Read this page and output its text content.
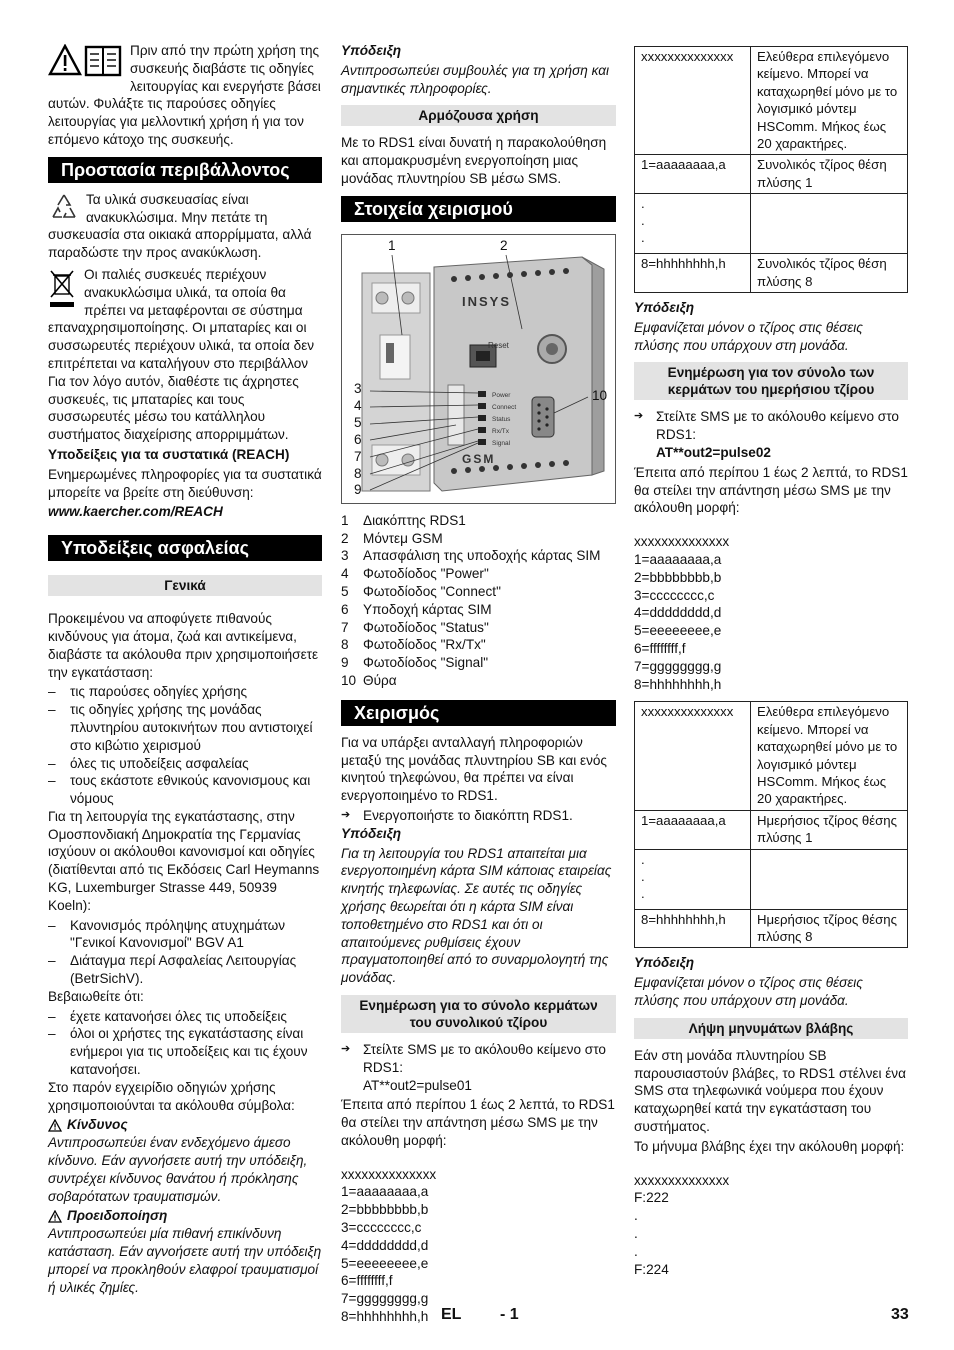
Πριν από την πρώτη χρήση της συσκευής διαβάστε τις οδηγίες λειτουργίας και ενεργήστε βάσει αυτών. Φυλάξτε τις παρούσες οδηγίες λειτουργίας για μελλοντική χρήση ή για τον επόμενο κάτοχο της συσκευής.

Προστασία περιβάλλοντος

Τα υλικά συσκευασίας είναι ανακυκλώσιμα. Μην πετάτε τη συσκευασία στα οικιακά απορρίμματα, αλλά παραδώστε την προς ανακύκλωση.

Οι παλιές συσκευές περιέχουν ανακυκλώσιμα υλικά, τα οποία θα πρέπει να μεταφέρονται σε σύστημα επαναχρησιμοποίησης. Οι μπαταρίες και οι συσσωρευτές περιέχουν υλικά, τα οποία δεν επιτρέπεται να καταλήγουν στο περιβάλλον Για τον λόγο αυτόν, διαθέστε τις άχρηστες συσκευές, τις μπαταρίες και τους συσσωρευτές μέσω του κατάλληλου συστήματος διαχείρισης απορριμμάτων.

Υποδείξεις για τα συστατικά (REACH)

Ενημερωμένες πληροφορίες για τα συστατικά μπορείτε να βρείτε στη διεύθυνση:

www.kaercher.com/REACH

Υποδείξεις ασφαλείας
Γενικά

Προκειμένου να αποφύγετε πιθανούς κινδύνους για άτομα, ζωά και αντικείμενα, διαβάστε τα ακόλουθα πριν χρησιμοποιήσετε την εγκατάσταση:

– τις παρούσες οδηγίες χρήσης
– τις οδηγίες χρήσης της μονάδας πλυντηρίου αυτοκινήτων που αντιστοιχεί στο κιβώτιο χειρισμού
– όλες τις υποδείξεις ασφαλείας
– τους εκάστοτε εθνικούς κανονισμους και νόμους

Για τη λειτουργία της εγκατάστασης, στην Ομοσπονδιακή Δημοκρατία της Γερμανίας ισχύουν οι ακόλουθοι κανονισμοί και οδηγίες (διατίθενται από τις Εκδόσεις Carl Heymanns KG, Luxemburger Strasse 449, 50939 Koeln):

– Κανονισμός πρόληψης ατυχημάτων "Γενικοί Κανονισμοί" BGV A1
– Διάταγμα περί Ασφαλείας Λειτουργίας (BetrSichV).

Βεβαιωθείτε ότι:

– έχετε κατανοήσει όλες τις υποδείξεις
– όλοι οι χρήστες της εγκατάστασης είναι ενήμεροι για τις υποδείξεις και τις έχουν κατανοήσει.

Στο παρόν εγχειρίδιο οδηγιών χρήσης χρησιμοποιούνται τα ακόλουθα σύμβολα:

Κίνδυνος

Αντιπροσωπεύει έναν ενδεχόμενο άμεσο κίνδυνο. Εάν αγνοήσετε αυτή την υπόδειξη, συντρέχει κίνδυνος θανάτου ή πρόκλησης σοβαρότατων τραυματισμών.

Προειδοποίηση

Αντιπροσωπεύει μία πιθανή επικίνδυνη κατάσταση. Εάν αγνοήσετε αυτή την υπόδειξη μπορεί να προκληθούν ελαφροί τραυματισμοί ή υλικές ζημίες.

Υπόδειξη

Αντιπροσωπεύει συμβουλές για τη χρήση και σημαντικές πληροφορίες.

Αρμόζουσα χρήση

Με το RDS1 είναι δυνατή η παρακολούθηση και απομακρυσμένη ενεργοποίηση μιας μονάδας πλυντηρίου SB μέσω SMS.

Στοιχεία χειρισμού
INSYS
Reset
GSM
Power
Connect
Status
Rx/Tx
Signal
1	2
3
4
5
6
7
8
9
10
1	Διακόπτης RDS1
2	Μόντεμ GSM
3	Απασφάλιση της υποδοχής κάρτας SIM
4	Φωτοδίοδος "Power"
5	Φωτοδίοδος "Connect"
6	Υποδοχή κάρτας SIM
7	Φωτοδίοδος "Status"
8	Φωτοδίοδος "Rx/Tx"
9	Φωτοδίοδος "Signal"
10 Θύρα
Χειρισμός

Για να υπάρξει ανταλλαγή πληροφοριών μεταξύ της μονάδας πλυντηρίου SB και ενός κινητού τηλεφώνου, θα πρέπει να είναι ενεργοποιημένο το RDS1.

➔ Ενεργοποιήστε το διακόπτη RDS1.

Υπόδειξη

Για τη λειτουργία του RDS1 απαιτείται μια ενεργοποιημένη κάρτα SIM κάποιας εταιρείας κινητής τηλεφωνίας. Σε αυτές τις οδηγίες χρήσης θεωρείται ότι η κάρτα SIM είναι τοποθετημένο στο RDS1 και ότι οι απαιτούμενες ρυθμίσεις έχουν πραγματοποιηθεί από το συναρμολογητή της μονάδας.

Ενημέρωση για το σύνολο κερμάτων του συνολικού τζίρου
➔ Στείλτε SMS με το ακόλουθο κείμενο στο RDS1:

AT**out2=pulse01

Έπειτα από περίπου 1 έως 2 λεπτά, το RDS1 θα στείλει την απάντηση μέσω SMS με την ακόλουθη μορφή:

xxxxxxxxxxxxxx
1=aaaaaaaa,a
2=bbbbbbbb,b
3=cccccccc,c
4=dddddddd,d
5=eeeeeeee,e
6=ffffffff,f
7=gggggggg,g
8=hhhhhhhh,h
xxxxxxxxxxxxxx	Ελεύθερα επιλεγόμενο κείμενο. Μπορεί να καταχωρηθεί μόνο με το λογισμικό μόντεμ HSComm. Μήκος έως 20 χαρακτήρες.
1=aaaaaaaa,a	Συνολικός τζίρος θέση πλύσης 1
.
.
.	
8=hhhhhhhh,h	Συνολικός τζίρος θέση πλύσης 8

Υπόδειξη

Εμφανίζεται μόνον ο τζίρος στις θέσεις πλύσης που υπάρχουν στη μονάδα.

Ενημέρωση για τον σύνολο των κερμάτων του ημερήσιου τζίρου
➔ Στείλτε SMS με το ακόλουθο κείμενο στο RDS1:

AT**out2=pulse02

Έπειτα από περίπου 1 έως 2 λεπτά, το RDS1 θα στείλει την απάντηση μέσω SMS με την ακόλουθη μορφή:

xxxxxxxxxxxxxx
1=aaaaaaaa,a
2=bbbbbbbb,b
3=cccccccc,c
4=dddddddd,d
5=eeeeeeee,e
6=ffffffff,f
7=gggggggg,g
8=hhhhhhhh,h
xxxxxxxxxxxxxx	Ελεύθερα επιλεγόμενο κείμενο. Μπορεί να καταχωρηθεί μόνο με το λογισμικό μόντεμ HSComm. Μήκος έως 20 χαρακτήρες.
1=aaaaaaaa,a	Ημερήσιος τζίρος θέσης πλύσης 1
.
.
.	
8=hhhhhhhh,h	Ημερήσιος τζίρος θέσης πλύσης 8

Υπόδειξη

Εμφανίζεται μόνον ο τζίρος στις θέσεις πλύσης που υπάρχουν στη μονάδα.

Λήψη μηνυμάτων βλάβης

Εάν στη μονάδα πλυντηρίου SB παρουσιαστούν βλάβες, το RDS1 στέλνει ένα SMS στα τηλεφωνικά νούμερα που έχουν καταχωρηθεί κατά την εγκατάσταση του συστήματος.

Το μήνυμα βλάβης έχει την ακόλουθη μορφή:

xxxxxxxxxxxxxx
F:222
.
.
.
F:224
EL - 1	33
